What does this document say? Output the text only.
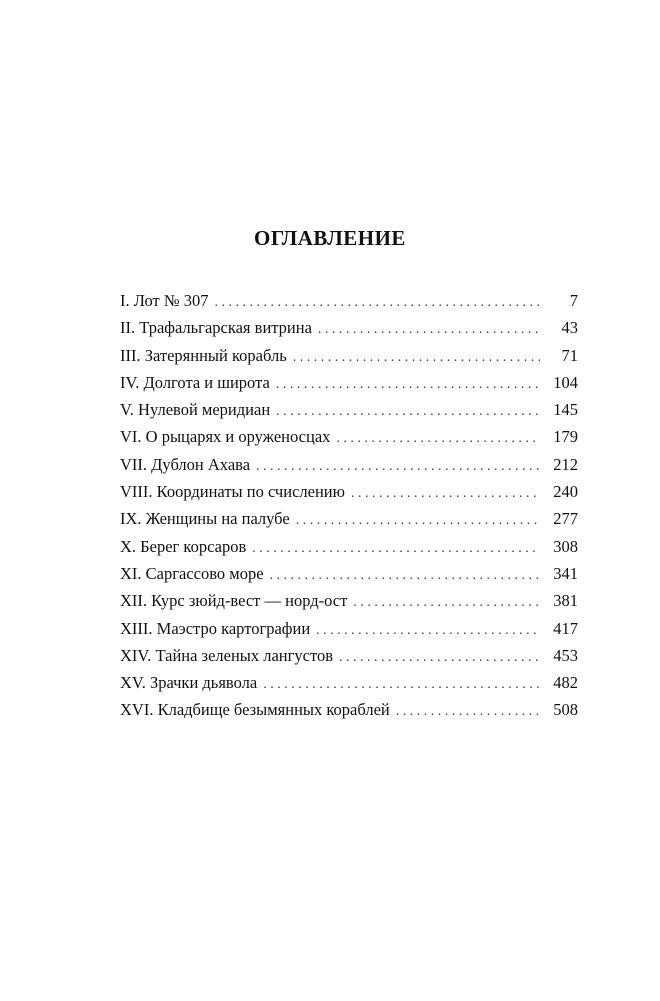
ОГЛАВЛЕНИЕ
I. Лот № 307 . . .	7
II. Трафальгарская витрина . . .	43
III. Затерянный корабль . . .	71
IV. Долгота и широта . . .	104
V. Нулевой меридиан . . .	145
VI. О рыцарях и оруженосцах . . .	179
VII. Дублон Ахава . . .	212
VIII. Координаты по счислению . . .	240
IX. Женщины на палубе . . .	277
X. Берег корсаров . . .	308
XI. Саргассово море . . .	341
XII. Курс зюйд-вест — норд-ост . . .	381
XIII. Маэстро картографии . . .	417
XIV. Тайна зеленых лангустов . . .	453
XV. Зрачки дьявола . . .	482
XVI. Кладбище безымянных кораблей . . .	508
